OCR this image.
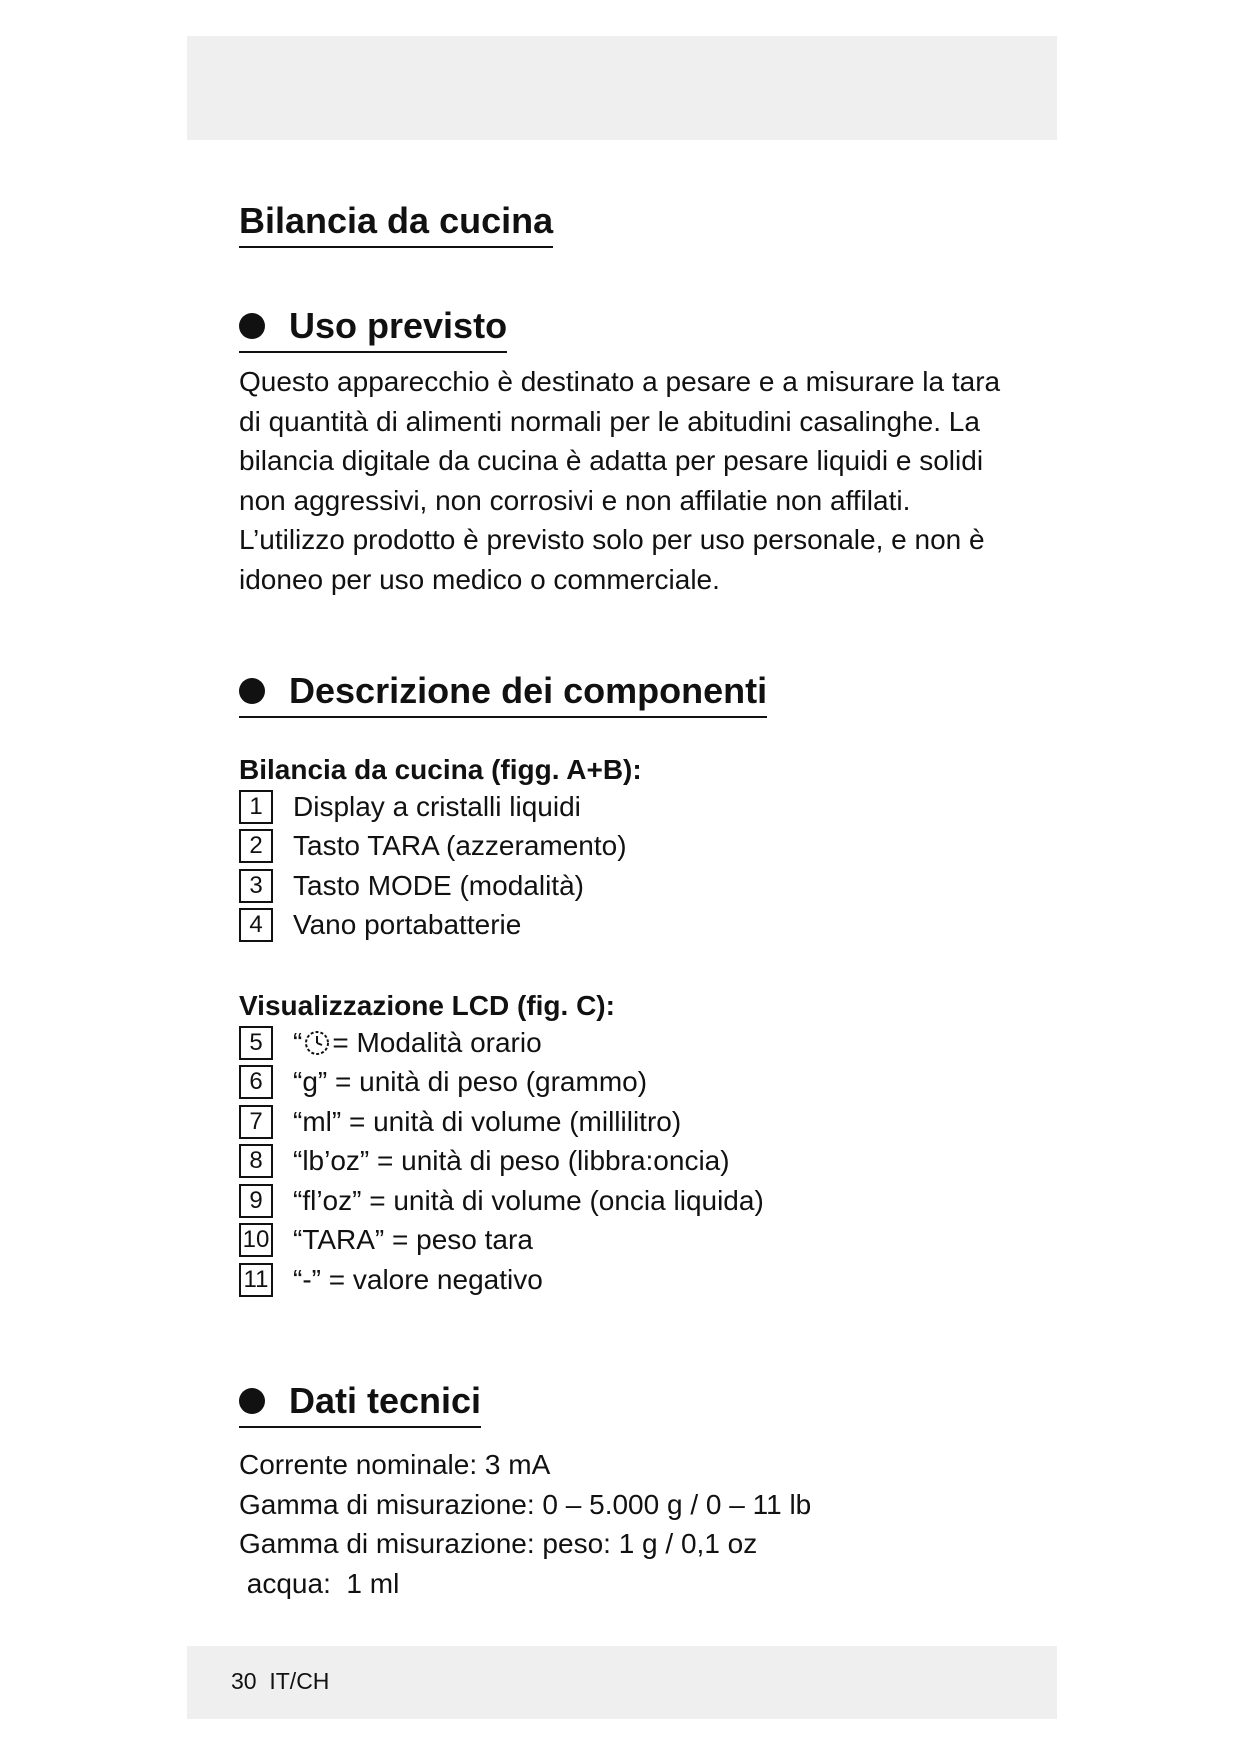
Bilancia da cucina
Uso previsto

Questo apparecchio è destinato a pesare e a misurare la tara di quantità di alimenti normali per le abitudini casalinghe. La bilancia digitale da cucina è adatta per pesare liquidi e solidi non aggressivi, non corrosivi e non affilatie non affilati. L’utilizzo prodotto è previsto solo per uso personale, e non è idoneo per uso medico o commerciale.

Descrizione dei componenti

Bilancia da cucina (figg. A+B):

1	Display a cristalli liquidi
2	Tasto TARA (azzeramento)
3	Tasto MODE (modalità)
4	Vano portabatterie

Visualizzazione LCD (fig. C):

5	“ = Modalità orario
6	“g” = unità di peso (grammo)
7	“ml” = unità di volume (millilitro)
8	“lb’oz” = unità di peso (libbra:oncia)
9	“fl’oz” = unità di volume (oncia liquida)
10 “TARA” = peso tara
11 “-” = valore negativo
Dati tecnici
Corrente nominale: 3 mA
Gamma di misurazione: 0 – 5.000 g / 0 – 11 lb
Gamma di misurazione: peso: 1 g / 0,1 oz
acqua:  1 ml
30  IT/CH
